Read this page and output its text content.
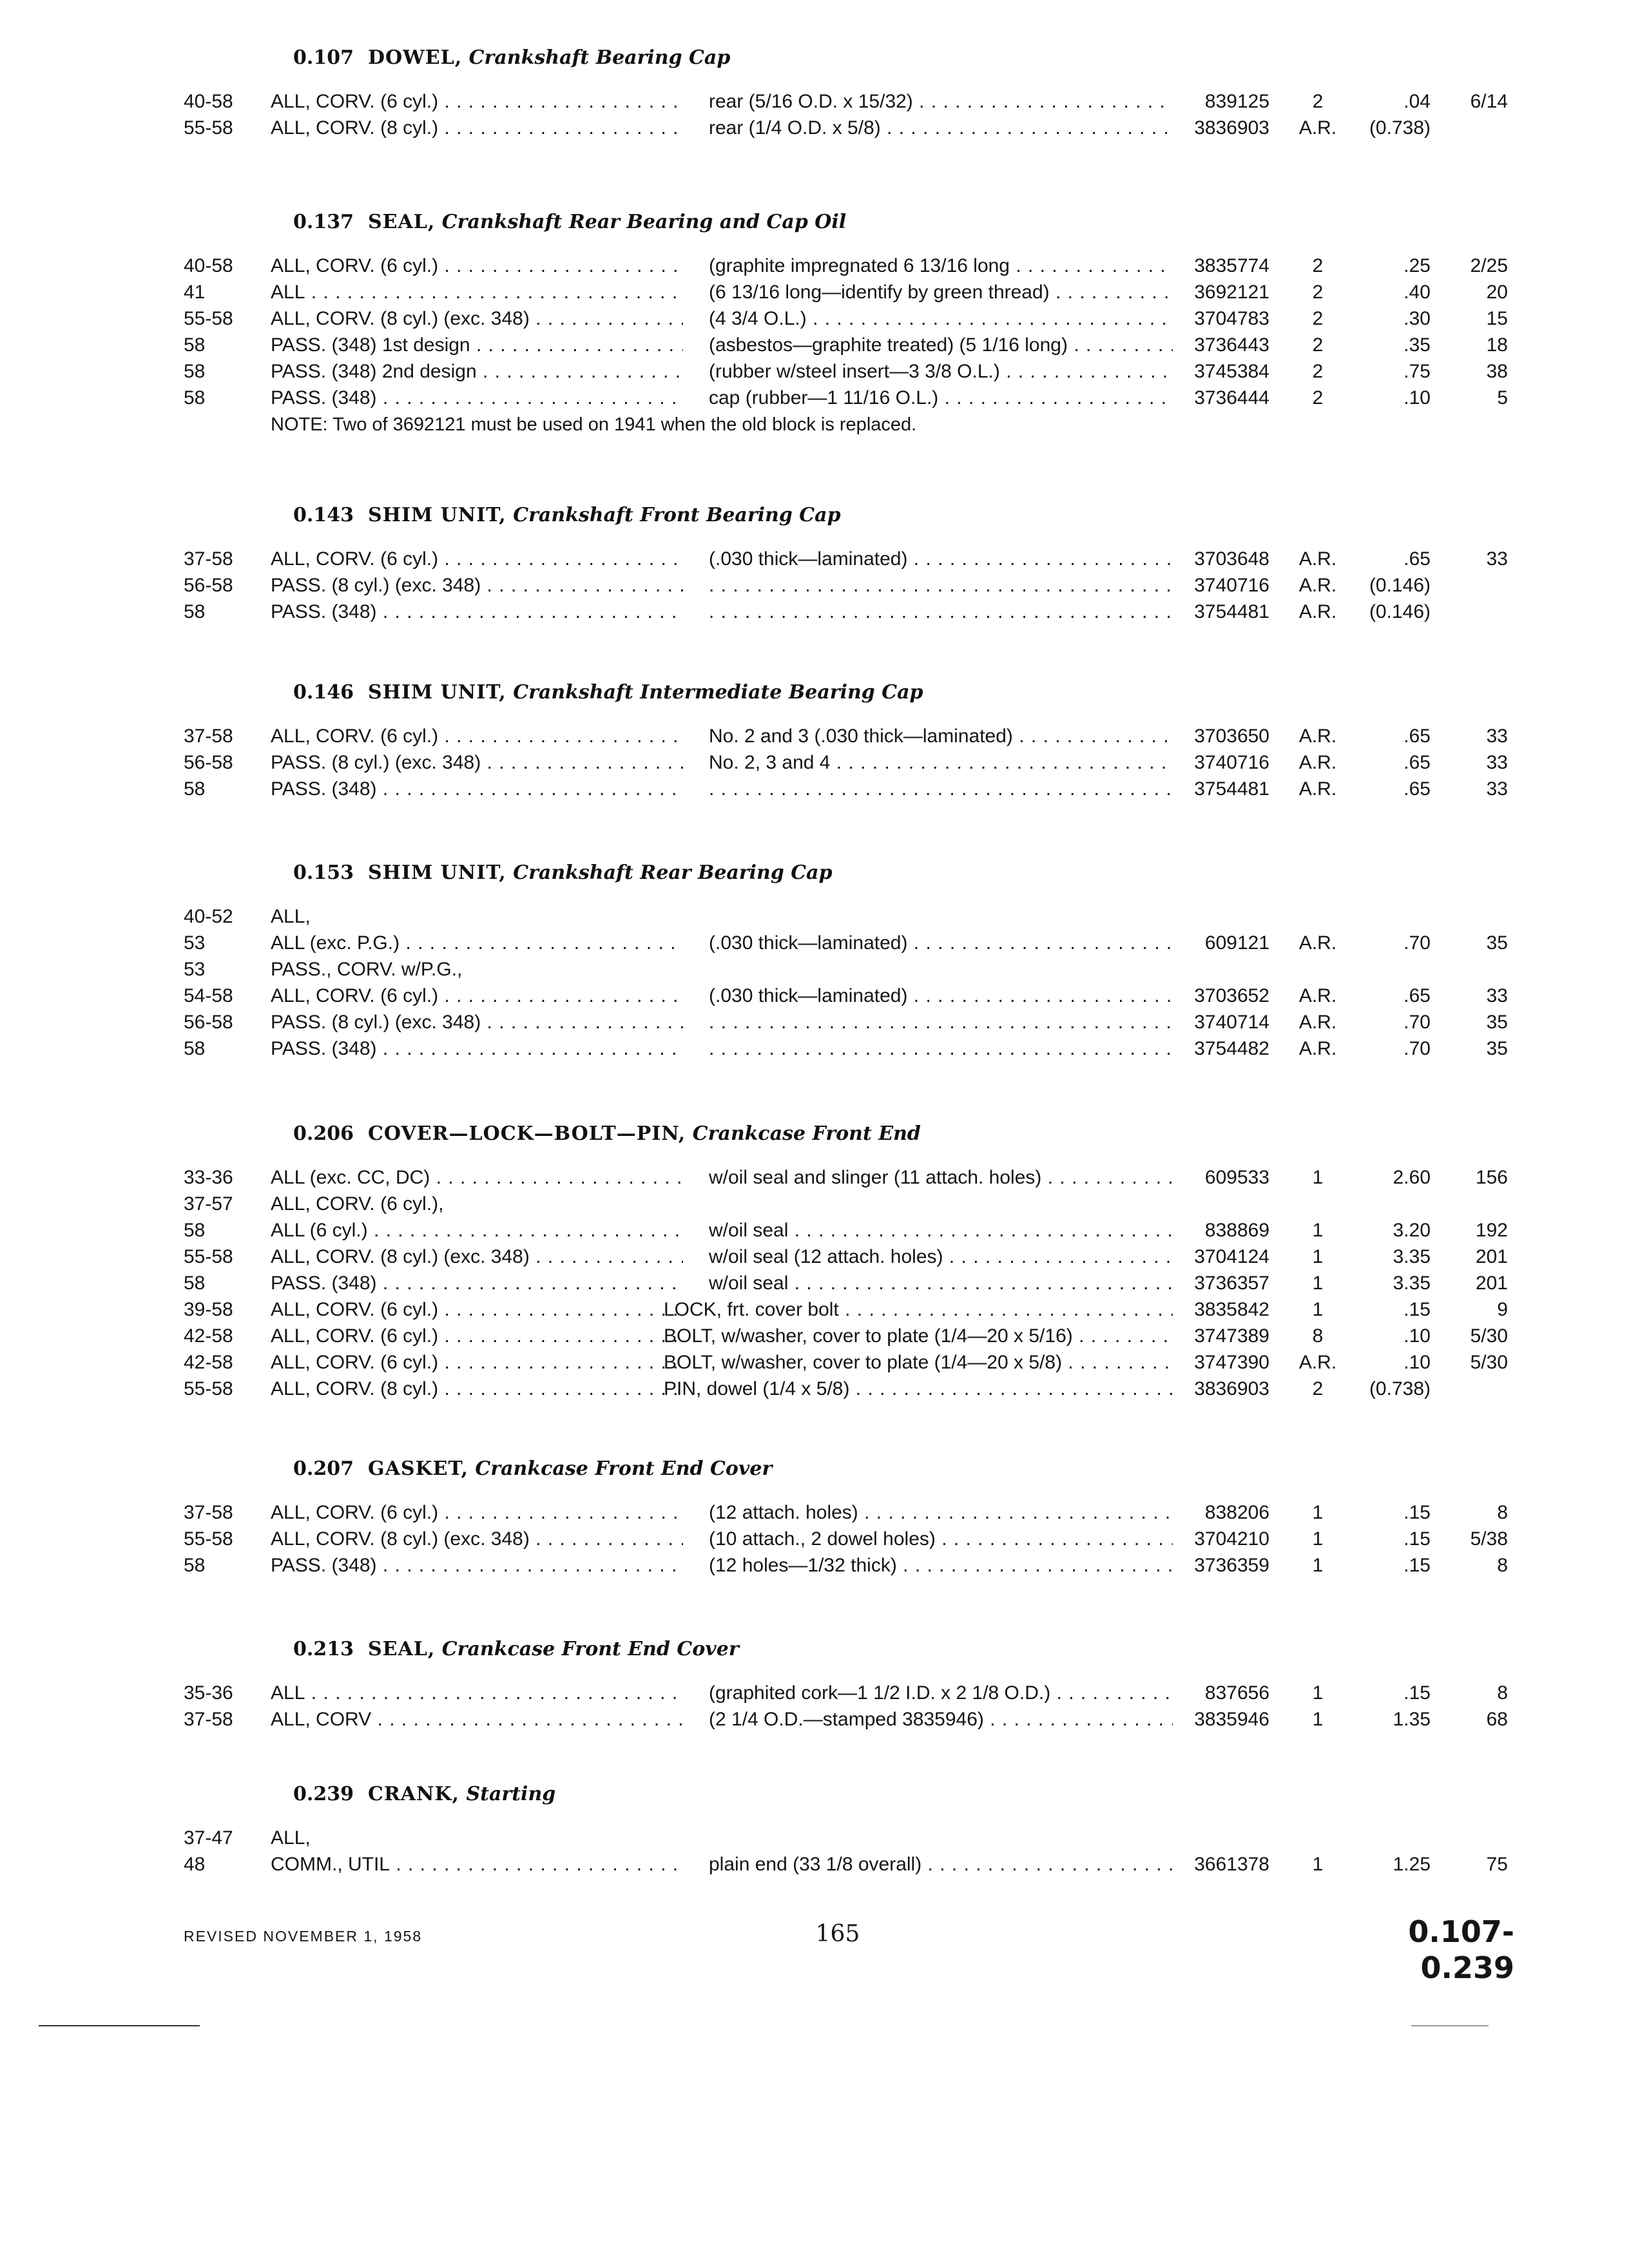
0.107 DOWEL, Crankshaft Bearing Cap
40-58 ALL, CORV. (6 cyl.) . . .	rear (5/16 O.D. x 15/32) . . .	839125	2	.04	6/14
55-58 ALL, CORV. (8 cyl.) . . .	rear (1/4 O.D. x 5/8) . . .	3836903	A.R.	(0.738)
0.137 SEAL, Crankshaft Rear Bearing and Cap Oil
40-58 ALL, CORV. (6 cyl.) . . .	(graphite impregnated 6 13/16 long . . .	3835774	2	.25	2/25
41	ALL . . .	(6 13/16 long—identify by green thread) . . .	3692121	2	.40	20
55-58 ALL, CORV. (8 cyl.) (exc. 348) . . .	(4 3/4 O.L.) . . .	3704783	2	.30	15
58	PASS. (348) 1st design . . .	(asbestos—graphite treated) (5 1/16 long) . . .	3736443	2	.35	18
58	PASS. (348) 2nd design . . .	(rubber w/steel insert—3 3/8 O.L.) . . .	3745384	2	.75	38
58	PASS. (348) . . .	cap (rubber—1 11/16 O.L.) . . .	3736444	2	.10	5
NOTE: Two of 3692121 must be used on 1941 when the old block is replaced.
0.143 SHIM UNIT, Crankshaft Front Bearing Cap
37-58 ALL, CORV. (6 cyl.) . . .	(.030 thick—laminated) . . .	3703648	A.R.	.65	33
56-58 PASS. (8 cyl.) (exc. 348) . . . . . .	3740716	A.R.	(0.146)
58	PASS. (348) . . . . . .	3754481	A.R.	(0.146)
0.146 SHIM UNIT, Crankshaft Intermediate Bearing Cap
37-58 ALL, CORV. (6 cyl.) . . .	No. 2 and 3 (.030 thick—laminated) . . .	3703650	A.R.	.65	33
56-58 PASS. (8 cyl.) (exc. 348) . . .	No. 2, 3 and 4 . . .	3740716	A.R.	.65	33
58	PASS. (348) . . . . . .	3754481	A.R.	.65	33
0.153 SHIM UNIT, Crankshaft Rear Bearing Cap
40-52 ALL,
53	ALL (exc. P.G.) . . .	(.030 thick—laminated) . . .	609121	A.R.	.70	35
53	PASS., CORV. w/P.G.,
54-58 ALL, CORV. (6 cyl.) . . .	(.030 thick—laminated) . . .	3703652	A.R.	.65	33
56-58 PASS. (8 cyl.) (exc. 348) . . . . . .	3740714	A.R.	.70	35
58	PASS. (348) . . . . . .	3754482	A.R.	.70	35
0.206 COVER—LOCK—BOLT—PIN, Crankcase Front End
33-36 ALL (exc. CC, DC) . . .	w/oil seal and slinger (11 attach. holes) . . .	609533	1	2.60	156
37-57 ALL, CORV. (6 cyl.),
58	ALL (6 cyl.) . . .	w/oil seal . . .	838869	1	3.20	192
55-58 ALL, CORV. (8 cyl.) (exc. 348) . . .	w/oil seal (12 attach. holes) . . .	3704124	1	3.35	201
58	PASS. (348) . . .	w/oil seal . . .	3736357	1	3.35	201
39-58 ALL, CORV. (6 cyl.) . . .	LOCK, frt. cover bolt . . .	3835842	1	.15	9
42-58 ALL, CORV. (6 cyl.) . . .	BOLT, w/washer, cover to plate (1/4—20 x 5/16) . . .	3747389	8	.10	5/30
42-58 ALL, CORV. (6 cyl.) . . .	BOLT, w/washer, cover to plate (1/4—20 x 5/8) . . .	3747390	A.R.	.10	5/30
55-58 ALL, CORV. (8 cyl.) . . .	PIN, dowel (1/4 x 5/8) . . .	3836903	2	(0.738)
0.207 GASKET, Crankcase Front End Cover
37-58 ALL, CORV. (6 cyl.) . . .	(12 attach. holes) . . .	838206	1	.15	8
55-58 ALL, CORV. (8 cyl.) (exc. 348) . . .	(10 attach., 2 dowel holes) . . .	3704210	1	.15	5/38
58	PASS. (348) . . .	(12 holes—1/32 thick) . . .	3736359	1	.15	8
0.213 SEAL, Crankcase Front End Cover
35-36 ALL . . .	(graphited cork—1 1/2 I.D. x 2 1/8 O.D.) . . .	837656	1	.15	8
37-58 ALL, CORV . . .	(2 1/4 O.D.—stamped 3835946) . . .	3835946	1	1.35	68
0.239 CRANK, Starting
37-47 ALL,
48	COMM., UTIL . . .	plain end (33 1/8 overall) . . .	3661378	1	1.25	75
REVISED NOVEMBER 1, 1958	165	0.107-0.239
